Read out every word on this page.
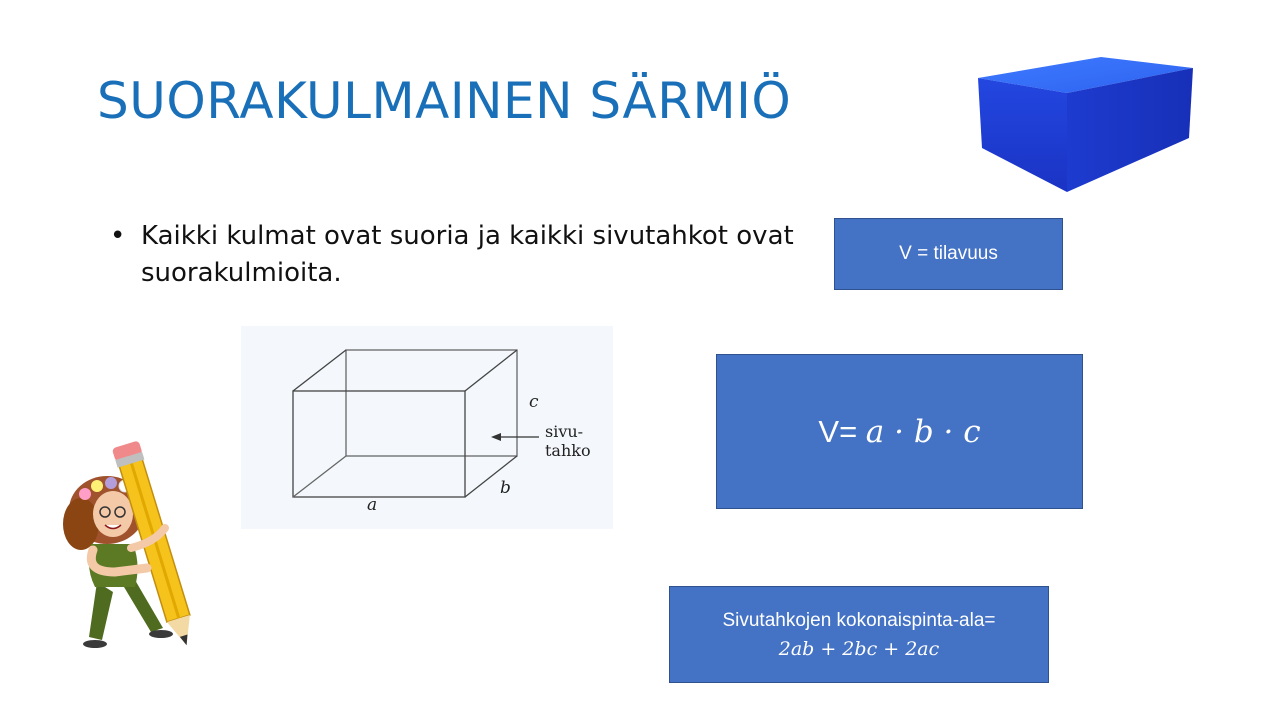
SUORAKULMAINEN SÄRMIÖ
• Kaikki kulmat ovat suoria ja kaikki sivutahkot ovat suorakulmioita.
V = tilavuus
V= a · b · c
Sivutahkojen kokonaispinta-ala=
2ab + 2bc + 2ac
c
sivu-
tahko
b
a
